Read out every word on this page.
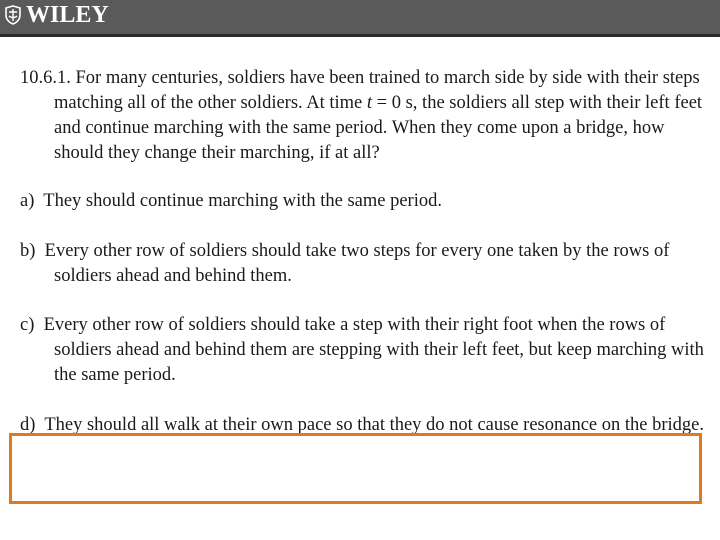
WILEY

10.6.1. For many centuries, soldiers have been trained to march side by side with their steps matching all of the other soldiers. At time t = 0 s, the soldiers all step with their left feet and continue marching with the same period. When they come upon a bridge, how should they change their marching, if at all?

a) They should continue marching with the same period.

b) Every other row of soldiers should take two steps for every one taken by the rows of soldiers ahead and behind them.

c) Every other row of soldiers should take a step with their right foot when the rows of soldiers ahead and behind them are stepping with their left feet, but keep marching with the same period.

d) They should all walk at their own pace so that they do not cause resonance on the bridge.
